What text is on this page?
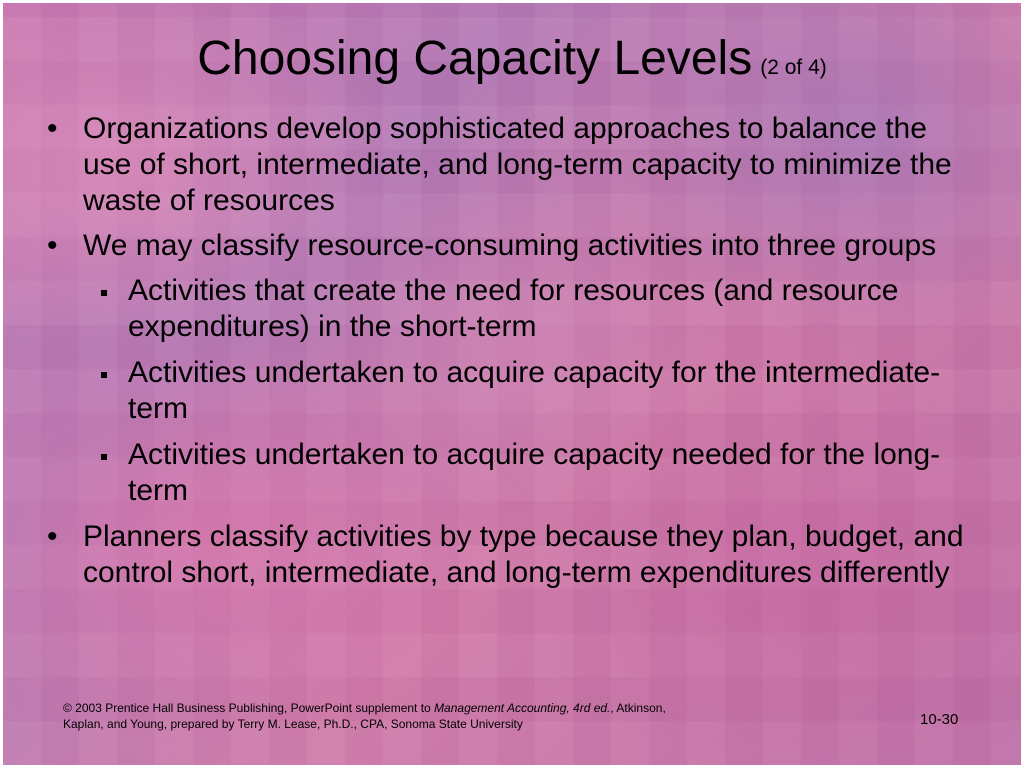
Choosing Capacity Levels (2 of 4)
• Organizations develop sophisticated approaches to balance the use of short, intermediate, and long-term capacity to minimize the waste of resources
• We may classify resource-consuming activities into three groups
Activities that create the need for resources (and resource expenditures) in the short-term
Activities undertaken to acquire capacity for the intermediate-term
Activities undertaken to acquire capacity needed for the long-term
• Planners classify activities by type because they plan, budget, and control short, intermediate, and long-term expenditures differently
© 2003 Prentice Hall Business Publishing, PowerPoint supplement to Management Accounting, 4rd ed., Atkinson,
Kaplan, and Young, prepared by Terry M. Lease, Ph.D., CPA, Sonoma State University	10-30
